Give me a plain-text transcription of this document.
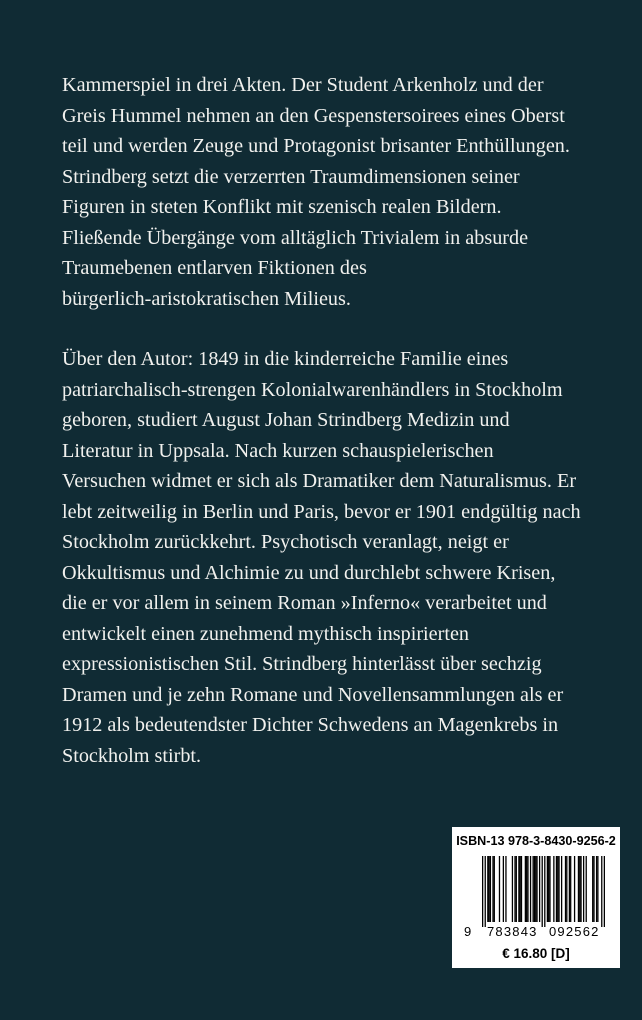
Kammerspiel in drei Akten. Der Student Arkenholz und der
Greis Hummel nehmen an den Gespenstersoirees eines Oberst
teil und werden Zeuge und Protagonist brisanter Enthüllungen.
Strindberg setzt die verzerrten Traumdimensionen seiner
Figuren in steten Konflikt mit szenisch realen Bildern.
Fließende Übergänge vom alltäglich Trivialem in absurde
Traumebenen entlarven Fiktionen des
bürgerlich-aristokratischen Milieus.

Über den Autor: 1849 in die kinderreiche Familie eines
patriarchalisch-strengen Kolonialwarenhändlers in Stockholm
geboren, studiert August Johan Strindberg Medizin und
Literatur in Uppsala. Nach kurzen schauspielerischen
Versuchen widmet er sich als Dramatiker dem Naturalismus. Er
lebt zeitweilig in Berlin und Paris, bevor er 1901 endgültig nach
Stockholm zurückkehrt. Psychotisch veranlagt, neigt er
Okkultismus und Alchimie zu und durchlebt schwere Krisen,
die er vor allem in seinem Roman »Inferno« verarbeitet und
entwickelt einen zunehmend mythisch inspirierten
expressionistischen Stil. Strindberg hinterlässt über sechzig
Dramen und je zehn Romane und Novellensammlungen als er
1912 als bedeutendster Dichter Schwedens an Magenkrebs in
Stockholm stirbt.

ISBN-13 978-3-8430-9256-2
9 783843 092562
€ 16.80 [D]
